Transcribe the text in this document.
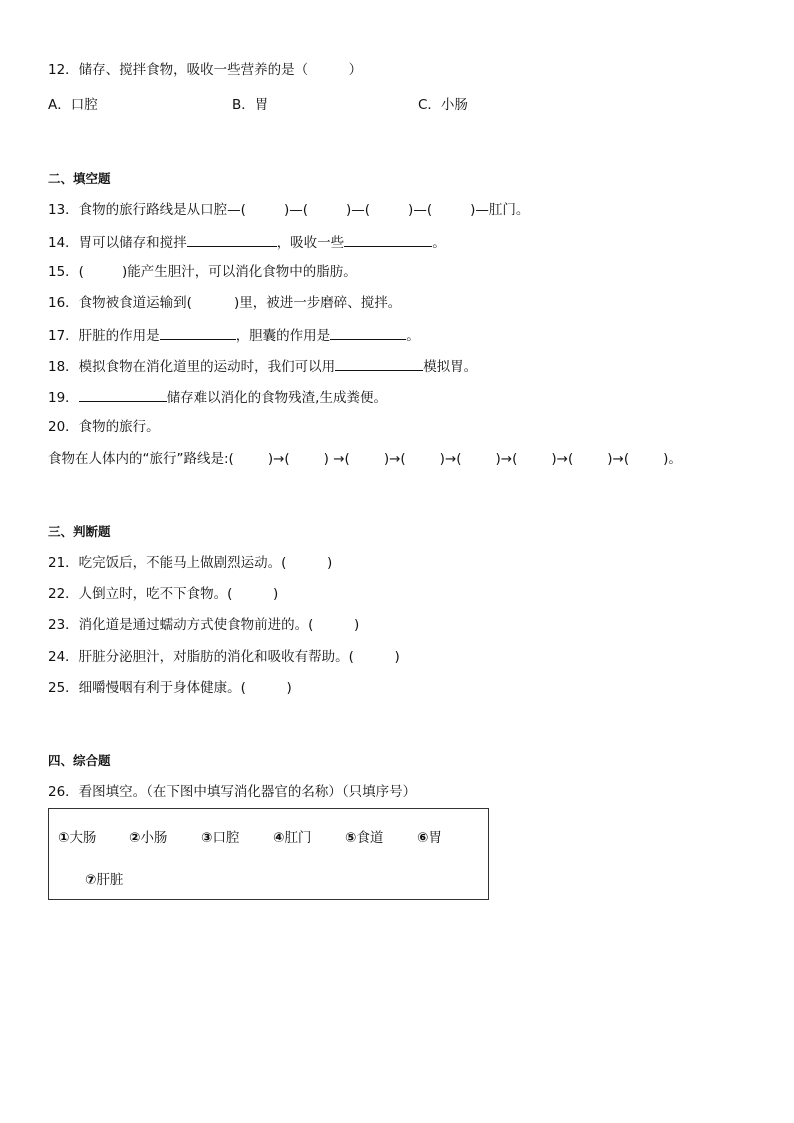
12．储存、搅拌食物，吸收一些营养的是（　　　）
A．口腔	B．胃	C．小肠
二、填空题
13．食物的旅行路线是从口腔—(	)—(	)—(	)—(	)—肛门。
14．胃可以储存和搅拌	，吸收一些	。
15．(	)能产生胆汁，可以消化食物中的脂肪。
16．食物被食道运输到(	)里，被进一步磨碎、搅拌。
17．肝脏的作用是	，胆囊的作用是	。
18．模拟食物在消化道里的运动时，我们可以用	模拟胃。
19．	储存难以消化的食物残渣,生成粪便。
20．食物的旅行。
食物在人体内的“旅行”路线是:(	)→(	) →(	)→(	)→(	)→(	)→(	)→(	)。
三、判断题
21．吃完饭后，不能马上做剧烈运动。(　　　)
22．人倒立时，吃不下食物。(　　　)
23．消化道是通过蠕动方式使食物前进的。(　　　)
24．肝脏分泌胆汁，对脂肪的消化和吸收有帮助。(　　　)
25．细嚼慢咽有利于身体健康。(　　　)
四、综合题
26．看图填空。（在下图中填写消化器官的名称）（只填序号）
①大肠 ②小肠 ③口腔 ④肛门 ⑤食道 ⑥胃
⑦肝脏
